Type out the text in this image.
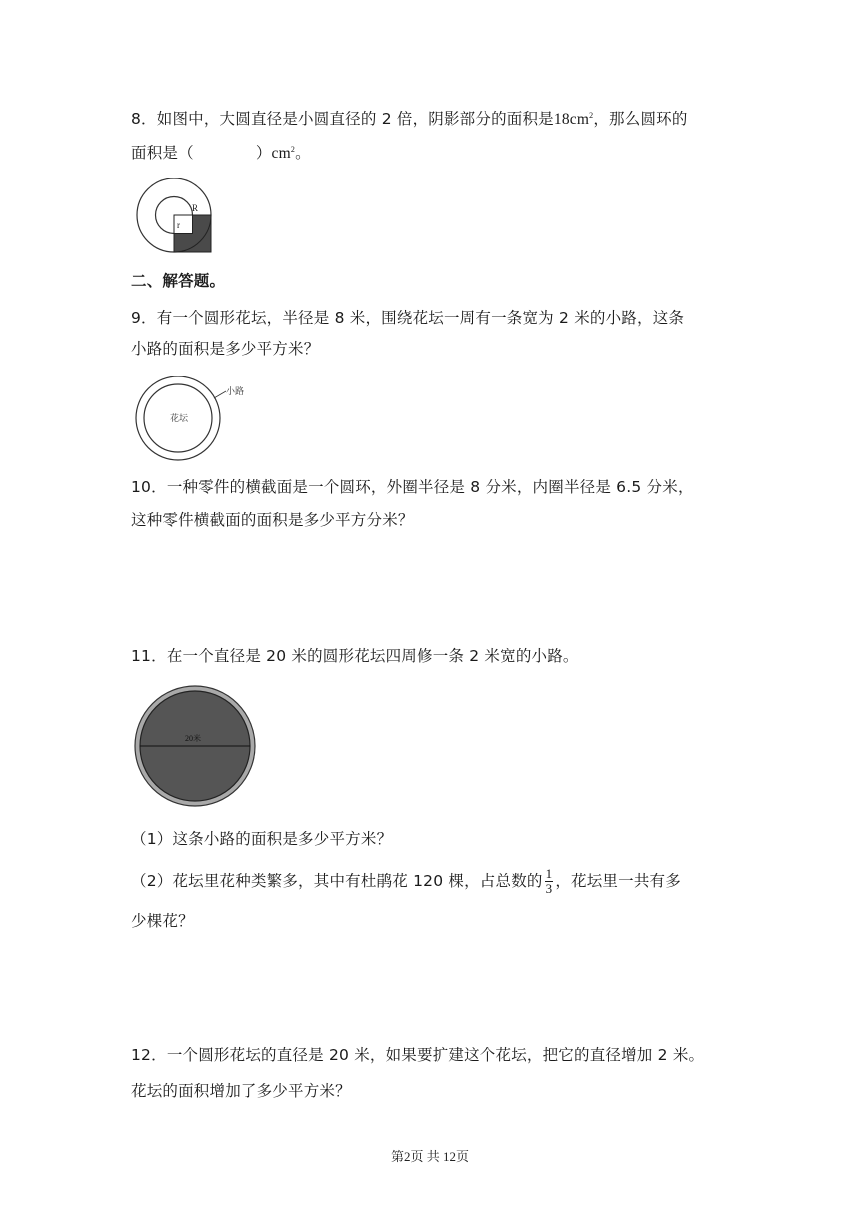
8．如图中，大圆直径是小圆直径的 2 倍，阴影部分的面积是$18cm^2$，那么圆环的
面积是（	）$cm^2$。
R
r
二、解答题。
9．有一个圆形花坛，半径是 8 米，围绕花坛一周有一条宽为 2 米的小路，这条
小路的面积是多少平方米？
小路
花坛
10．一种零件的横截面是一个圆环，外圈半径是 8 分米，内圈半径是 6.5 分米，
这种零件横截面的面积是多少平方分米？
11．在一个直径是 20 米的圆形花坛四周修一条 2 米宽的小路。
20米
（1）这条小路的面积是多少平方米？
（2）花坛里花种类繁多，其中有杜鹃花 120 棵，占总数的 $\frac{1}{3}$ ，花坛里一共有多
少棵花？
12．一个圆形花坛的直径是 20 米，如果要扩建这个花坛，把它的直径增加 2 米。
花坛的面积增加了多少平方米？
第2页 共 12页
